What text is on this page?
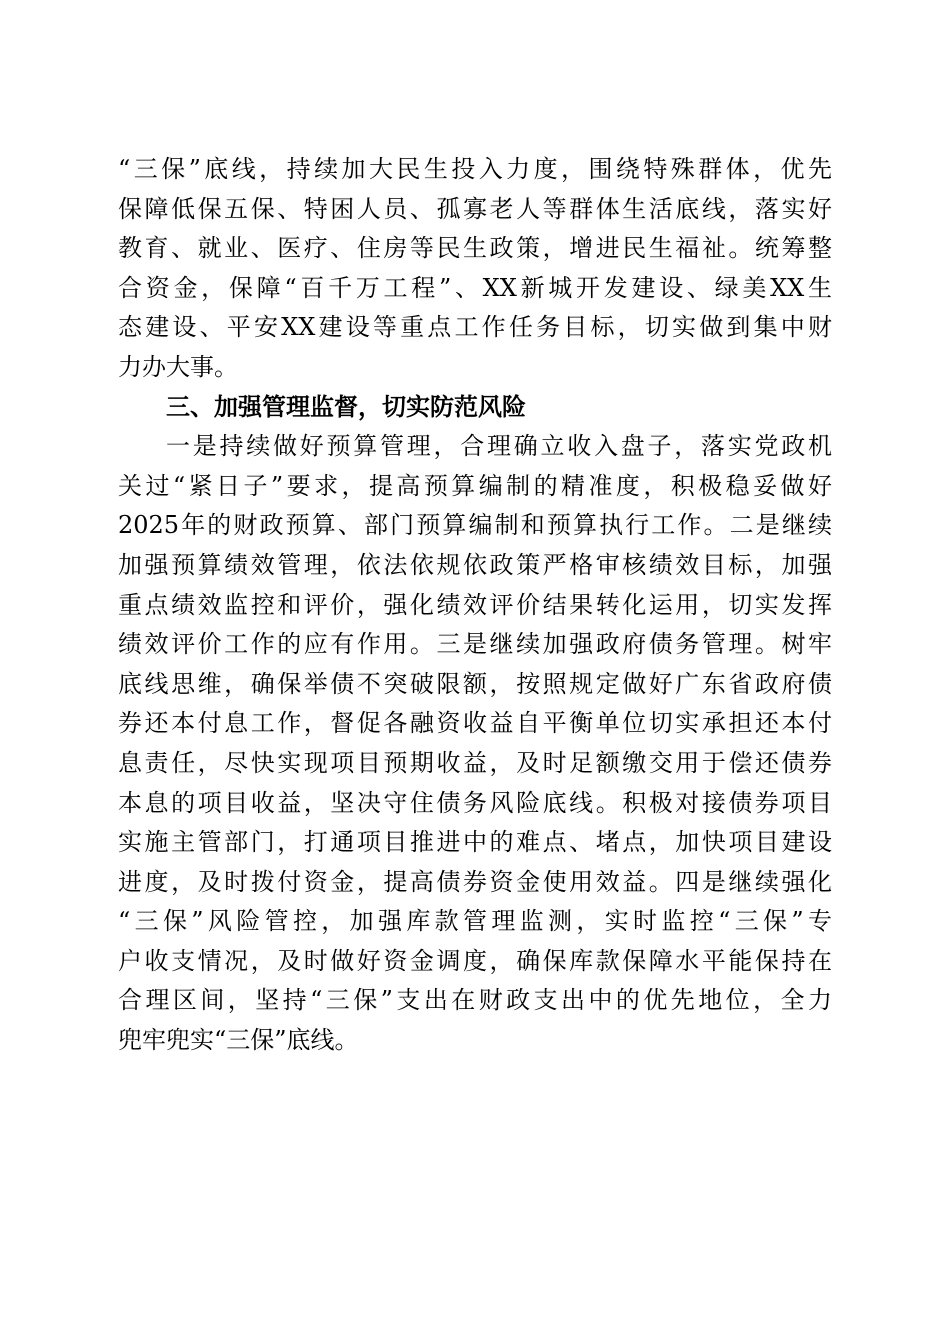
“三保”底线，持续加大民生投入力度，围绕特殊群体，优先
保障低保五保、特困人员、孤寡老人等群体生活底线，落实好
教育、就业、医疗、住房等民生政策，增进民生福祉。统筹整
合资金，保障“百千万工程”、XX新城开发建设、绿美XX生
态建设、平安XX建设等重点工作任务目标，切实做到集中财
力办大事。
三、加强管理监督，切实防范风险
一是持续做好预算管理，合理确立收入盘子，落实党政机
关过“紧日子”要求，提高预算编制的精准度，积极稳妥做好
2025年的财政预算、部门预算编制和预算执行工作。二是继续
加强预算绩效管理，依法依规依政策严格审核绩效目标，加强
重点绩效监控和评价，强化绩效评价结果转化运用，切实发挥
绩效评价工作的应有作用。三是继续加强政府债务管理。树牢
底线思维，确保举债不突破限额，按照规定做好广东省政府债
券还本付息工作，督促各融资收益自平衡单位切实承担还本付
息责任，尽快实现项目预期收益，及时足额缴交用于偿还债券
本息的项目收益，坚决守住债务风险底线。积极对接债券项目
实施主管部门，打通项目推进中的难点、堵点，加快项目建设
进度，及时拨付资金，提高债券资金使用效益。四是继续强化
“三保”风险管控，加强库款管理监测，实时监控“三保”专
户收支情况，及时做好资金调度，确保库款保障水平能保持在
合理区间，坚持“三保”支出在财政支出中的优先地位，全力
兜牢兜实“三保”底线。
